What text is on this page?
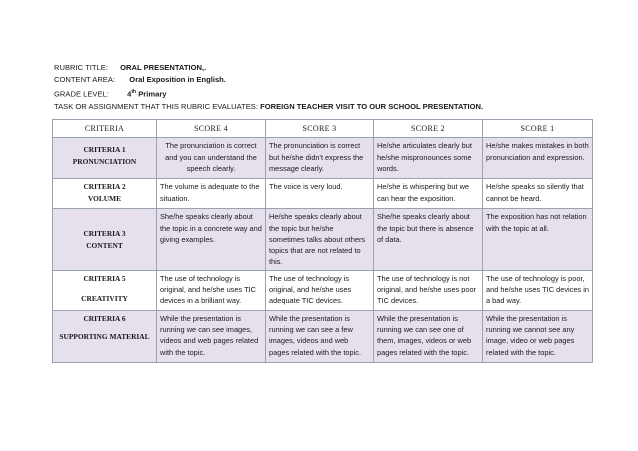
RUBRIC TITLE: ORAL PRESENTATION,.
CONTENT AREA: Oral Exposition in English.
GRADE LEVEL: 4th Primary
TASK OR ASSIGNMENT THAT THIS RUBRIC EVALUATES: FOREIGN TEACHER VISIT TO OUR SCHOOL PRESENTATION.
CRITERIA	SCORE 4	SCORE 3	SCORE 2	SCORE 1

CRITERIA 1
PRONUNCIATION	The pronunciation is correct and you can understand the speech clearly.	The pronunciation is correct but he/she didn't express the message clearly.	He/she articulates clearly but he/she mispronounces some words.	He/she makes mistakes in both pronunciation and expression.

CRITERIA 2
VOLUME	The volume is adequate to the situation.	The voice is very loud.	He/she is whispering but we can hear the exposition.	He/she speaks so silently that cannot be heard.

CRITERIA 3
CONTENT	She/he speaks clearly about the topic in a concrete way and giving examples.	He/she speaks clearly about the topic but he/she sometimes talks about others topics that are not related to this.	She/he speaks clearly about the topic but there is absence of data.	The exposition has not relation with the topic at all.

CRITERIA 5
CREATIVITY	The use of technology is original, and he/she uses TIC devices in a brilliant way.	The use of technology is original, and he/she uses adequate TIC devices.	The use of technology is not original, and he/she uses poor TIC devices.	The use of technology is poor, and he/she uses TIC devices in a bad way.

CRITERIA 6
SUPPORTING MATERIAL	While the presentation is running we can see images, videos and web pages related with the topic.	While the presentation is running we can see a few images, videos and web pages related with the topic.	While the presentation is running we can see one of them, images, videos or web pages related with the topic.	While the presentation is running we cannot see any image, video or web pages related with the topic.
